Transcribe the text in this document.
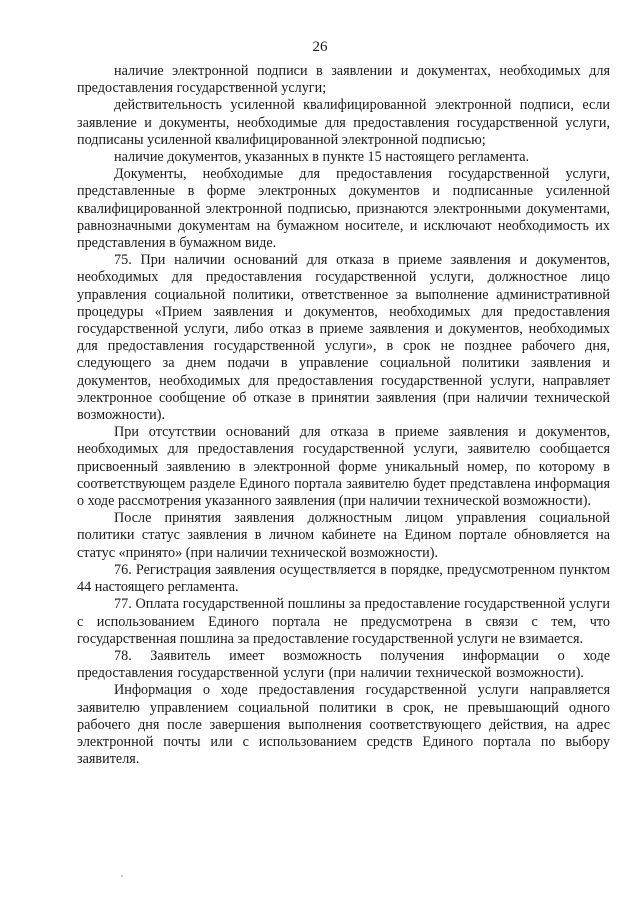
26

наличие электронной подписи в заявлении и документах, необходимых для предоставления государственной услуги;

действительность усиленной квалифицированной электронной подписи, если заявление и документы, необходимые для предоставления государственной услуги, подписаны усиленной квалифицированной электронной подписью;

наличие документов, указанных в пункте 15 настоящего регламента.

Документы, необходимые для предоставления государственной услуги, представленные в форме электронных документов и подписанные усиленной квалифицированной электронной подписью, признаются электронными документами, равнозначными документам на бумажном носителе, и исключают необходимость их представления в бумажном виде.

75. При наличии оснований для отказа в приеме заявления и документов, необходимых для предоставления государственной услуги, должностное лицо управления социальной политики, ответственное за выполнение административной процедуры «Прием заявления и документов, необходимых для предоставления государственной услуги, либо отказ в приеме заявления и документов, необходимых для предоставления государственной услуги», в срок не позднее рабочего дня, следующего за днем подачи в управление социальной политики заявления и документов, необходимых для предоставления государственной услуги, направляет электронное сообщение об отказе в принятии заявления (при наличии технической возможности).

При отсутствии оснований для отказа в приеме заявления и документов, необходимых для предоставления государственной услуги, заявителю сообщается присвоенный заявлению в электронной форме уникальный номер, по которому в соответствующем разделе Единого портала заявителю будет представлена информация о ходе рассмотрения указанного заявления (при наличии технической возможности).

После принятия заявления должностным лицом управления социальной политики статус заявления в личном кабинете на Едином портале обновляется на статус «принято» (при наличии технической возможности).

76. Регистрация заявления осуществляется в порядке, предусмотренном пунктом 44 настоящего регламента.

77. Оплата государственной пошлины за предоставление государственной услуги с использованием Единого портала не предусмотрена в связи с тем, что государственная пошлина за предоставление государственной услуги не взимается.

78. Заявитель имеет возможность получения информации о ходе предоставления государственной услуги (при наличии технической возможности).

Информация о ходе предоставления государственной услуги направляется заявителю управлением социальной политики в срок, не превышающий одного рабочего дня после завершения выполнения соответствующего действия, на адрес электронной почты или с использованием средств Единого портала по выбору заявителя.
